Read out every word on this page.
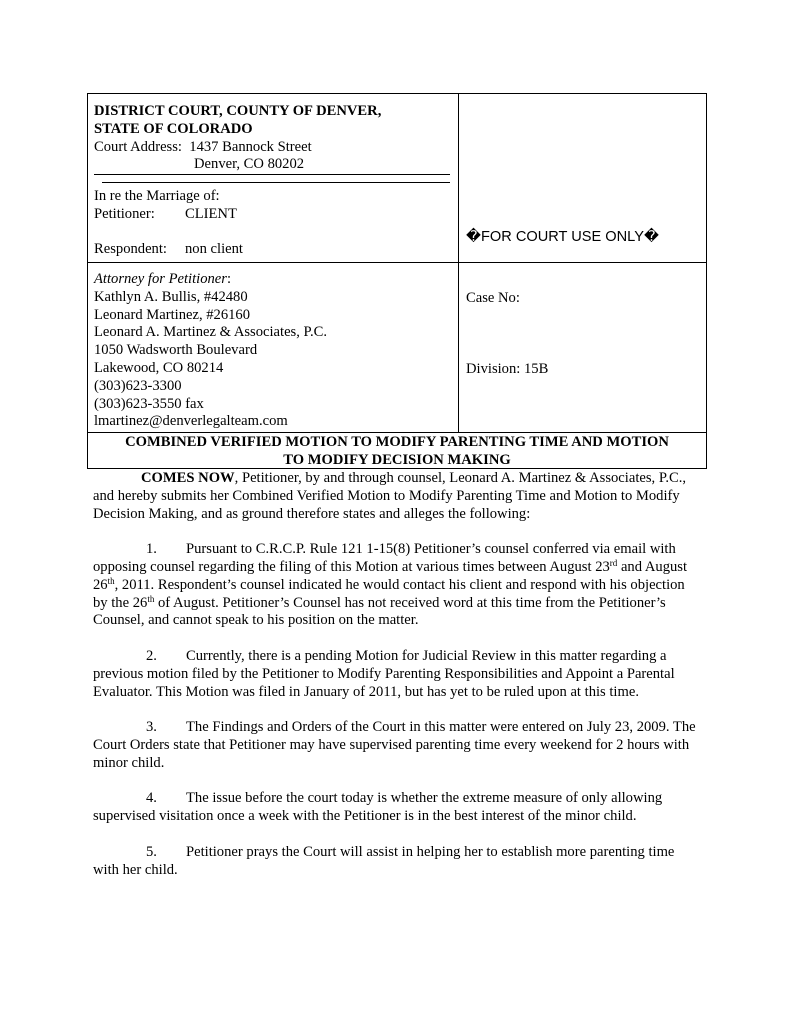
DISTRICT COURT, COUNTY OF DENVER,
STATE OF COLORADO
Court Address: 1437 Bannock Street
Denver, CO 80202
In re the Marriage of:
Petitioner: CLIENT
Respondent: non client
�FOR COURT USE ONLY�
Attorney for Petitioner:
Kathlyn A. Bullis, #42480
Leonard Martinez, #26160
Leonard A. Martinez & Associates, P.C.
1050 Wadsworth Boulevard
Lakewood, CO 80214
(303)623-3300
(303)623-3550 fax
lmartinez@denverlegalteam.com
Case No:
Division: 15B
COMBINED VERIFIED MOTION TO MODIFY PARENTING TIME AND MOTION
TO MODIFY DECISION MAKING

COMES NOW, Petitioner, by and through counsel, Leonard A. Martinez & Associates, P.C., and hereby submits her Combined Verified Motion to Modify Parenting Time and Motion to Modify Decision Making, and as ground therefore states and alleges the following:

1. Pursuant to C.R.C.P. Rule 121 1-15(8) Petitioner’s counsel conferred via email with opposing counsel regarding the filing of this Motion at various times between August 23rd and August 26th, 2011. Respondent’s counsel indicated he would contact his client and respond with his objection by the 26th of August. Petitioner’s Counsel has not received word at this time from the Petitioner’s Counsel, and cannot speak to his position on the matter.

2. Currently, there is a pending Motion for Judicial Review in this matter regarding a previous motion filed by the Petitioner to Modify Parenting Responsibilities and Appoint a Parental Evaluator. This Motion was filed in January of 2011, but has yet to be ruled upon at this time.

3. The Findings and Orders of the Court in this matter were entered on July 23, 2009. The Court Orders state that Petitioner may have supervised parenting time every weekend for 2 hours with minor child.

4. The issue before the court today is whether the extreme measure of only allowing supervised visitation once a week with the Petitioner is in the best interest of the minor child.

5. Petitioner prays the Court will assist in helping her to establish more parenting time with her child.
